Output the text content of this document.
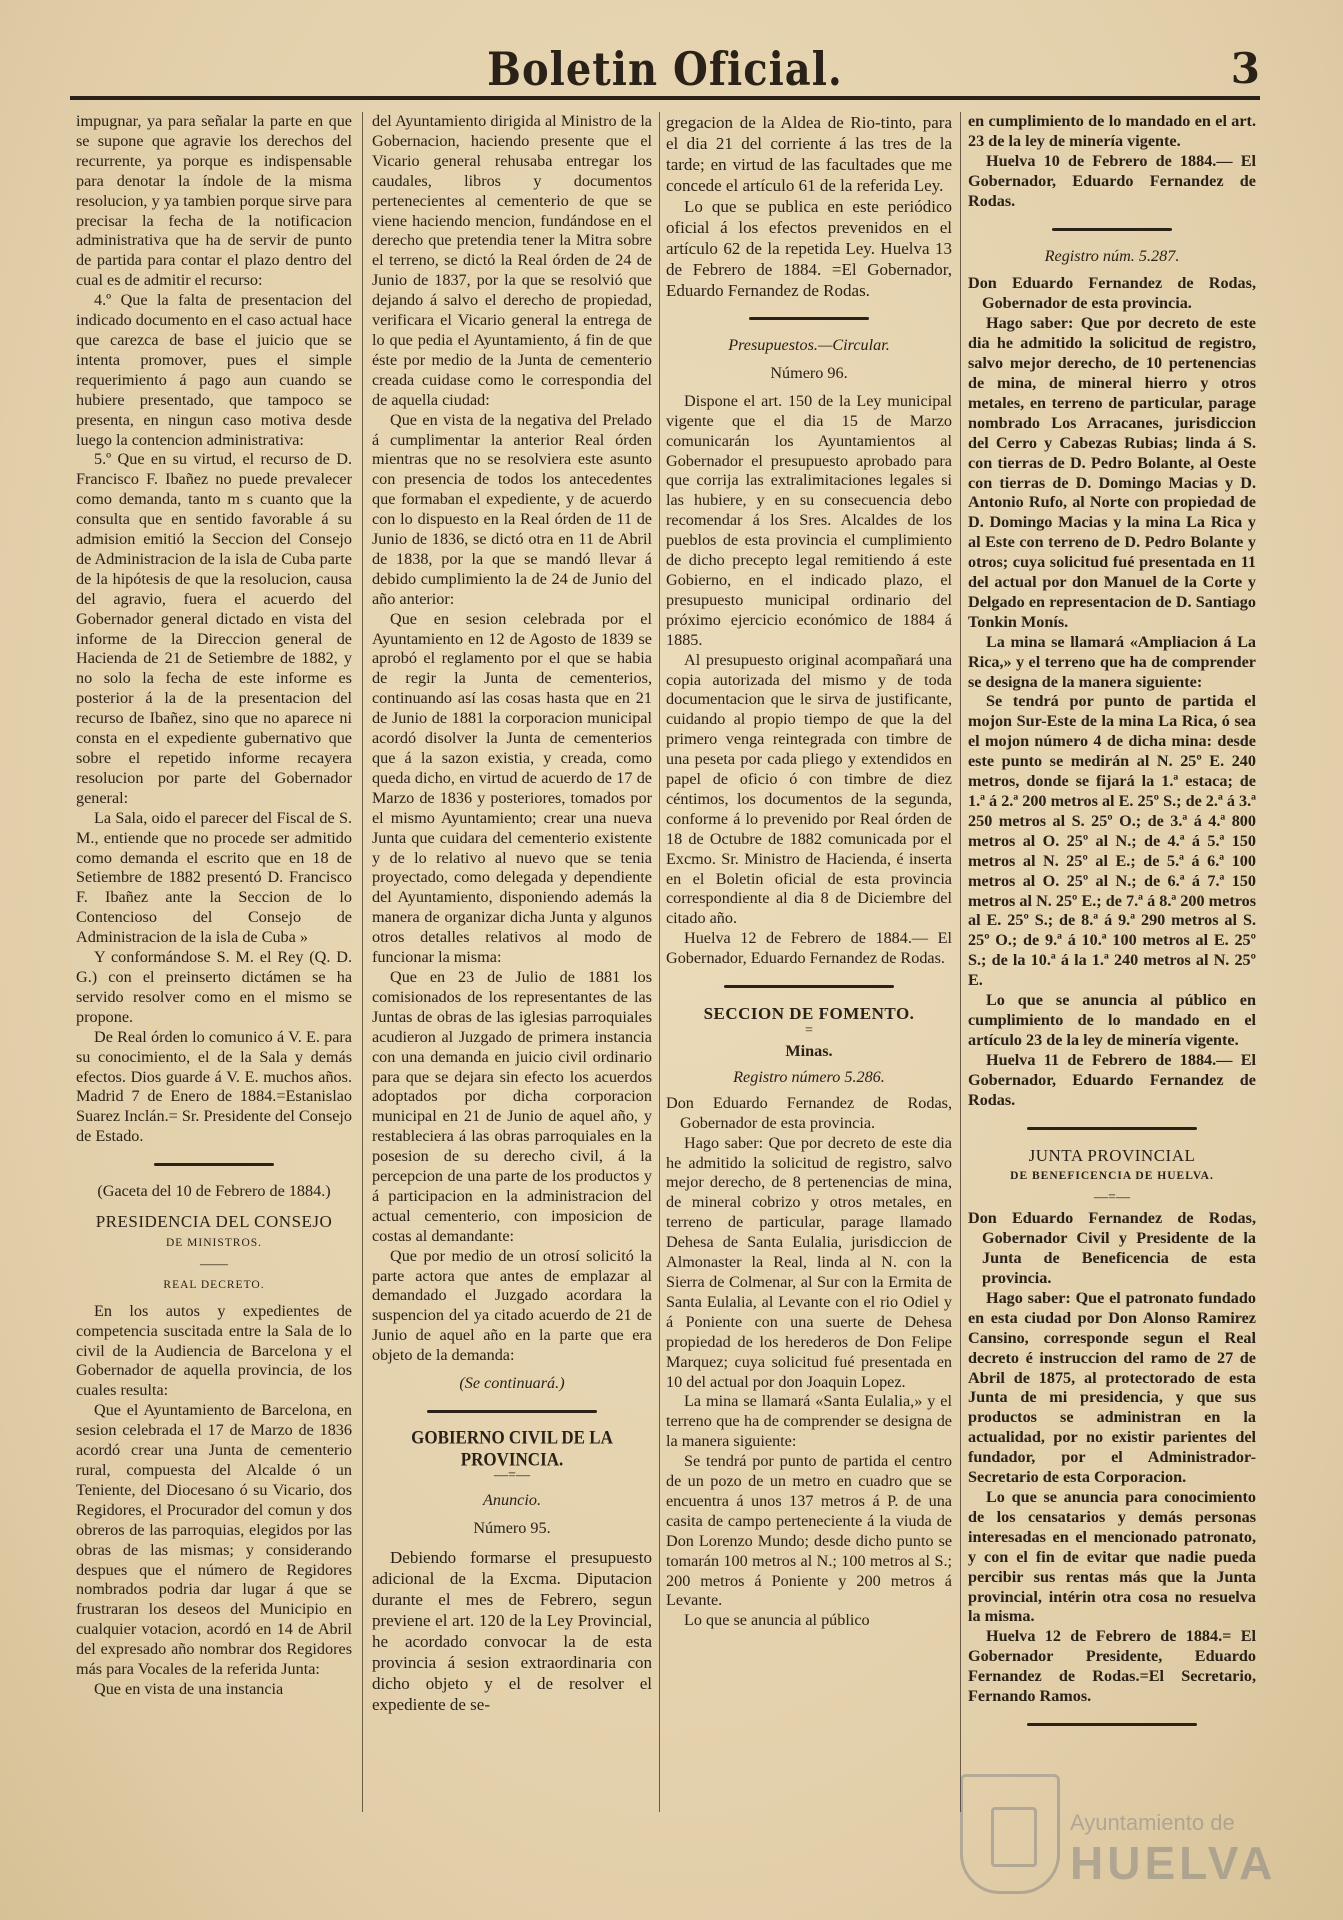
Boletin Oficial.	3

impugnar, ya para señalar la parte en que se supone que agravie los derechos del recurrente, ya porque es indispensable para denotar la índole de la misma resolucion, y ya tambien porque sirve para precisar la fecha de la notificacion administrativa que ha de servir de punto de partida para contar el plazo dentro del cual es de admitir el recurso:

4.º Que la falta de presentacion del indicado documento en el caso actual hace que carezca de base el juicio que se intenta promover, pues el simple requerimiento á pago aun cuando se hubiere presentado, que tampoco se presenta, en ningun caso motiva desde luego la contencion administrativa:

5.º Que en su virtud, el recurso de D. Francisco F. Ibañez no puede prevalecer como demanda, tanto m s cuanto que la consulta que en sentido favorable á su admision emitió la Seccion del Consejo de Administracion de la isla de Cuba parte de la hipótesis de que la resolucion, causa del agravio, fuera el acuerdo del Gobernador general dictado en vista del informe de la Direccion general de Hacienda de 21 de Setiembre de 1882, y no solo la fecha de este informe es posterior á la de la presentacion del recurso de Ibañez, sino que no aparece ni consta en el expediente gubernativo que sobre el repetido informe recayera resolucion por parte del Gobernador general:

La Sala, oido el parecer del Fiscal de S. M., entiende que no procede ser admitido como demanda el escrito que en 18 de Setiembre de 1882 presentó D. Francisco F. Ibañez ante la Seccion de lo Contencioso del Consejo de Administracion de la isla de Cuba »

Y conformándose S. M. el Rey (Q. D. G.) con el preinserto dictámen se ha servido resolver como en el mismo se propone.

De Real órden lo comunico á V. E. para su conocimiento, el de la Sala y demás efectos. Dios guarde á V. E. muchos años. Madrid 7 de Enero de 1884.=Estanislao Suarez Inclán.= Sr. Presidente del Consejo de Estado.

(Gaceta del 10 de Febrero de 1884.)

PRESIDENCIA DEL CONSEJO
DE MINISTROS.
——
REAL DECRETO.

En los autos y expedientes de competencia suscitada entre la Sala de lo civil de la Audiencia de Barcelona y el Gobernador de aquella provincia, de los cuales resulta:

Que el Ayuntamiento de Barcelona, en sesion celebrada el 17 de Marzo de 1836 acordó crear una Junta de cementerio rural, compuesta del Alcalde ó un Teniente, del Diocesano ó su Vicario, dos Regidores, el Procurador del comun y dos obreros de las parroquias, elegidos por las obras de las mismas; y considerando despues que el número de Regidores nombrados podria dar lugar á que se frustraran los deseos del Municipio en cualquier votacion, acordó en 14 de Abril del expresado año nombrar dos Regidores más para Vocales de la referida Junta:

Que en vista de una instancia

del Ayuntamiento dirigida al Ministro de la Gobernacion, haciendo presente que el Vicario general rehusaba entregar los caudales, libros y documentos pertenecientes al cementerio de que se viene haciendo mencion, fundándose en el derecho que pretendia tener la Mitra sobre el terreno, se dictó la Real órden de 24 de Junio de 1837, por la que se resolvió que dejando á salvo el derecho de propiedad, verificara el Vicario general la entrega de lo que pedia el Ayuntamiento, á fin de que éste por medio de la Junta de cementerio creada cuidase como le correspondia del de aquella ciudad:

Que en vista de la negativa del Prelado á cumplimentar la anterior Real órden mientras que no se resolviera este asunto con presencia de todos los antecedentes que formaban el expediente, y de acuerdo con lo dispuesto en la Real órden de 11 de Junio de 1836, se dictó otra en 11 de Abril de 1838, por la que se mandó llevar á debido cumplimiento la de 24 de Junio del año anterior:

Que en sesion celebrada por el Ayuntamiento en 12 de Agosto de 1839 se aprobó el reglamento por el que se habia de regir la Junta de cementerios, continuando así las cosas hasta que en 21 de Junio de 1881 la corporacion municipal acordó disolver la Junta de cementerios que á la sazon existia, y creada, como queda dicho, en virtud de acuerdo de 17 de Marzo de 1836 y posteriores, tomados por el mismo Ayuntamiento; crear una nueva Junta que cuidara del cementerio existente y de lo relativo al nuevo que se tenia proyectado, como delegada y dependiente del Ayuntamiento, disponiendo además la manera de organizar dicha Junta y algunos otros detalles relativos al modo de funcionar la misma:

Que en 23 de Julio de 1881 los comisionados de los representantes de las Juntas de obras de las iglesias parroquiales acudieron al Juzgado de primera instancia con una demanda en juicio civil ordinario para que se dejara sin efecto los acuerdos adoptados por dicha corporacion municipal en 21 de Junio de aquel año, y restableciera á las obras parroquiales en la posesion de su derecho civil, á la percepcion de una parte de los productos y á participacion en la administracion del actual cementerio, con imposicion de costas al demandante:

Que por medio de un otrosí solicitó la parte actora que antes de emplazar al demandado el Juzgado acordara la suspencion del ya citado acuerdo de 21 de Junio de aquel año en la parte que era objeto de la demanda:

(Se continuará.)

GOBIERNO CIVIL DE LA PROVINCIA.
—=—
Anuncio.

Número 95.

Debiendo formarse el presupuesto adicional de la Excma. Diputacion durante el mes de Febrero, segun previene el art. 120 de la Ley Provincial, he acordado convocar la de esta provincia á sesion extraordinaria con dicho objeto y el de resolver el expediente de se-

gregacion de la Aldea de Rio-tinto, para el dia 21 del corriente á las tres de la tarde; en virtud de las facultades que me concede el artículo 61 de la referida Ley.

Lo que se publica en este periódico oficial á los efectos prevenidos en el artículo 62 de la repetida Ley. Huelva 13 de Febrero de 1884. =El Gobernador, Eduardo Fernandez de Rodas.

Presupuestos.—Circular.

Número 96.

Dispone el art. 150 de la Ley municipal vigente que el dia 15 de Marzo comunicarán los Ayuntamientos al Gobernador el presupuesto aprobado para que corrija las extralimitaciones legales si las hubiere, y en su consecuencia debo recomendar á los Sres. Alcaldes de los pueblos de esta provincia el cumplimiento de dicho precepto legal remitiendo á este Gobierno, en el indicado plazo, el presupuesto municipal ordinario del próximo ejercicio económico de 1884 á 1885.

Al presupuesto original acompañará una copia autorizada del mismo y de toda documentacion que le sirva de justificante, cuidando al propio tiempo de que la del primero venga reintegrada con timbre de una peseta por cada pliego y extendidos en papel de oficio ó con timbre de diez céntimos, los documentos de la segunda, conforme á lo prevenido por Real órden de 18 de Octubre de 1882 comunicada por el Excmo. Sr. Ministro de Hacienda, é inserta en el Boletin oficial de esta provincia correspondiente al dia 8 de Diciembre del citado año.

Huelva 12 de Febrero de 1884.— El Gobernador, Eduardo Fernandez de Rodas.

SECCION DE FOMENTO.
=
Minas.
Registro número 5.286.

Don Eduardo Fernandez de Rodas, Gobernador de esta provincia.

Hago saber: Que por decreto de este dia he admitido la solicitud de registro, salvo mejor derecho, de 8 pertenencias de mina, de mineral cobrizo y otros metales, en terreno de particular, parage llamado Dehesa de Santa Eulalia, jurisdiccion de Almonaster la Real, linda al N. con la Sierra de Colmenar, al Sur con la Ermita de Santa Eulalia, al Levante con el rio Odiel y á Poniente con una suerte de Dehesa propiedad de los herederos de Don Felipe Marquez; cuya solicitud fué presentada en 10 del actual por don Joaquin Lopez.

La mina se llamará «Santa Eulalia,» y el terreno que ha de comprender se designa de la manera siguiente:

Se tendrá por punto de partida el centro de un pozo de un metro en cuadro que se encuentra á unos 137 metros á P. de una casita de campo perteneciente á la viuda de Don Lorenzo Mundo; desde dicho punto se tomarán 100 metros al N.; 100 metros al S.; 200 metros á Poniente y 200 metros á Levante.

Lo que se anuncia al público

en cumplimiento de lo mandado en el art. 23 de la ley de minería vigente.

Huelva 10 de Febrero de 1884.— El Gobernador, Eduardo Fernandez de Rodas.

Registro núm. 5.287.

Don Eduardo Fernandez de Rodas, Gobernador de esta provincia.

Hago saber: Que por decreto de este dia he admitido la solicitud de registro, salvo mejor derecho, de 10 pertenencias de mina, de mineral hierro y otros metales, en terreno de particular, parage nombrado Los Arracanes, jurisdiccion del Cerro y Cabezas Rubias; linda á S. con tierras de D. Pedro Bolante, al Oeste con tierras de D. Domingo Macias y D. Antonio Rufo, al Norte con propiedad de D. Domingo Macias y la mina La Rica y al Este con terreno de D. Pedro Bolante y otros; cuya solicitud fué presentada en 11 del actual por don Manuel de la Corte y Delgado en representacion de D. Santiago Tonkin Monís.

La mina se llamará «Ampliacion á La Rica,» y el terreno que ha de comprender se designa de la manera siguiente:

Se tendrá por punto de partida el mojon Sur-Este de la mina La Rica, ó sea el mojon número 4 de dicha mina: desde este punto se medirán al N. 25º E. 240 metros, donde se fijará la 1.ª estaca; de 1.ª á 2.ª 200 metros al E. 25º S.; de 2.ª á 3.ª 250 metros al S. 25º O.; de 3.ª á 4.ª 800 metros al O. 25º al N.; de 4.ª á 5.ª 150 metros al N. 25º al E.; de 5.ª á 6.ª 100 metros al O. 25º al N.; de 6.ª á 7.ª 150 metros al N. 25º E.; de 7.ª á 8.ª 200 metros al E. 25º S.; de 8.ª á 9.ª 290 metros al S. 25º O.; de 9.ª á 10.ª 100 metros al E. 25º S.; de la 10.ª á la 1.ª 240 metros al N. 25º E.

Lo que se anuncia al público en cumplimiento de lo mandado en el artículo 23 de la ley de minería vigente.

Huelva 11 de Febrero de 1884.— El Gobernador, Eduardo Fernandez de Rodas.

JUNTA PROVINCIAL
DE BENEFICENCIA DE HUELVA.
—=—

Don Eduardo Fernandez de Rodas, Gobernador Civil y Presidente de la Junta de Beneficencia de esta provincia.

Hago saber: Que el patronato fundado en esta ciudad por Don Alonso Ramirez Cansino, corresponde segun el Real decreto é instruccion del ramo de 27 de Abril de 1875, al protectorado de esta Junta de mi presidencia, y que sus productos se administran en la actualidad, por no existir parientes del fundador, por el Administrador-Secretario de esta Corporacion.

Lo que se anuncia para conocimiento de los censatarios y demás personas interesadas en el mencionado patronato, y con el fin de evitar que nadie pueda percibir sus rentas más que la Junta provincial, intérin otra cosa no resuelva la misma.

Huelva 12 de Febrero de 1884.= El Gobernador Presidente, Eduardo Fernandez de Rodas.=El Secretario, Fernando Ramos.

Ayuntamiento de
HUELVA
